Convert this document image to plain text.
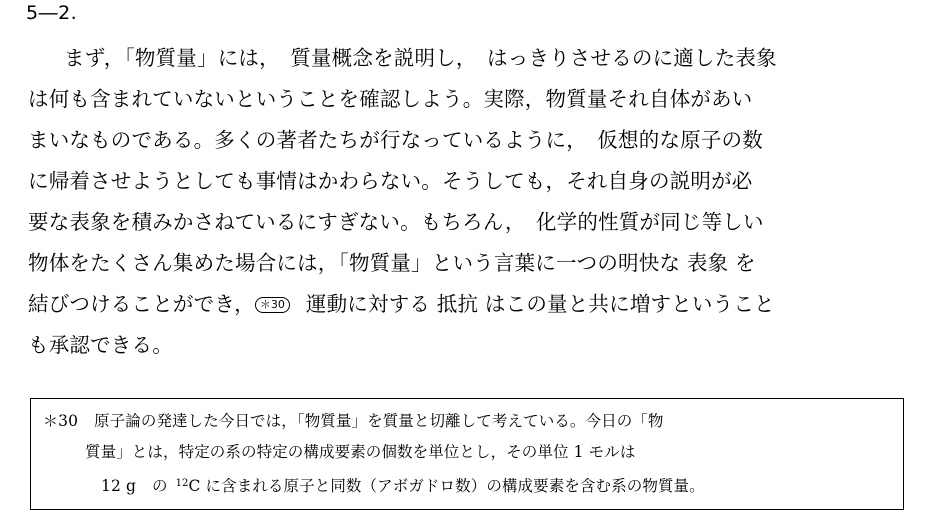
5―2.
まず，「物質量」には，　質量概念を説明し，　はっきりさせるのに適した表象
は何も含まれていないということを確認しよう。実際，物質量それ自体があい
まいなものである。多くの著者たちが行なっているように，　仮想的な原子の数
に帰着させようとしても事情はかわらない。そうしても，それ自身の説明が必
要な表象を積みかさねているにすぎない。もちろん，　化学的性質が同じ等しい
物体をたくさん集めた場合には，「物質量」という言葉に一つの明快な 表象 を
結びつけることができ， ＊30 運動に対する 抵抗 はこの量と共に増すということ
も承認できる。
＊30 原子論の発達した今日では，「物質量」を質量と切離して考えている。今日の「物
質量」とは，特定の系の特定の構成要素の個数を単位とし，その単位 1 モルは
12 g の $^{12}$C に含まれる原子と同数（アボガドロ数）の構成要素を含む系の物質量。
